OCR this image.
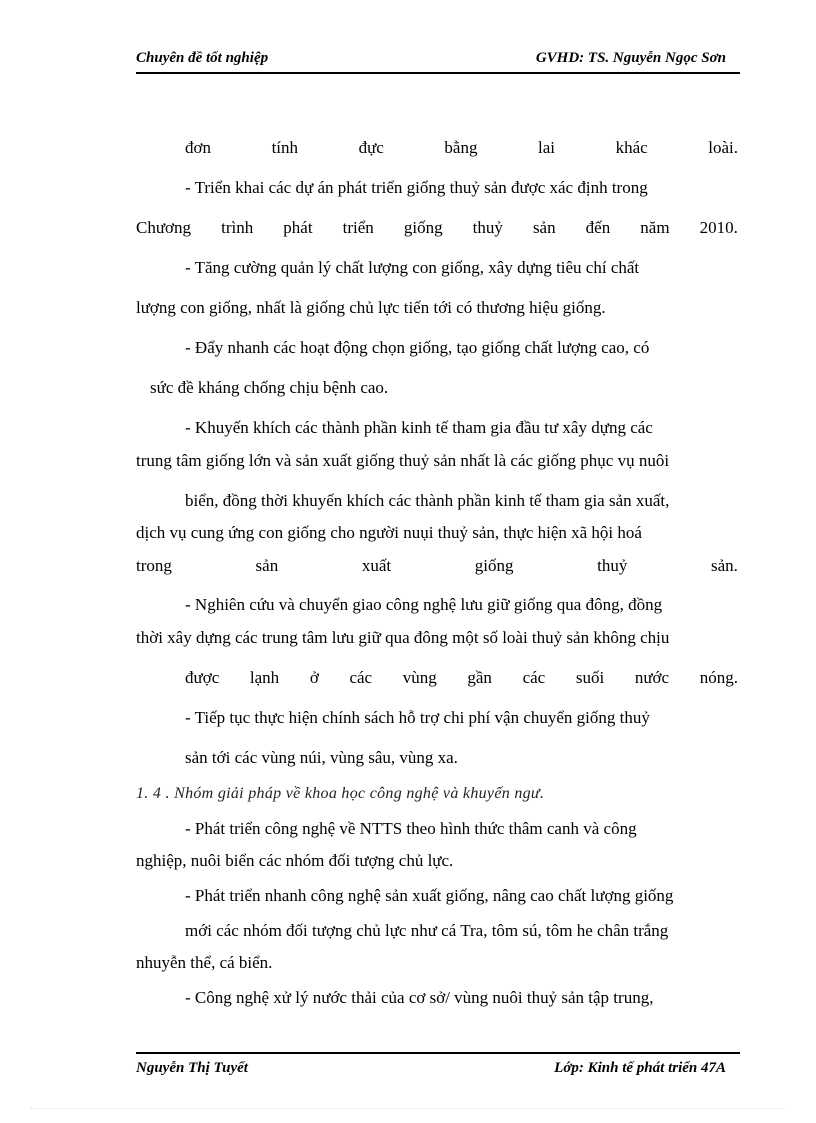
Chuyên đề tốt nghiệp	GVHD: TS. Nguyễn Ngọc Sơn
đơn	tính	đực	bằng	lai	khác	loài.
- Triển khai các dự án phát triển giống thuỷ sản được xác định trong
Chương trình phát triển giống thuỷ sản đến năm 2010.
- Tăng cường quản lý chất lượng con giống, xây dựng tiêu chí chất
lượng con giống, nhất là giống chủ lực tiến tới có thương hiệu giống.
- Đẩy nhanh các hoạt động chọn giống, tạo giống chất lượng cao, có
sức đề kháng chống chịu bệnh cao.
- Khuyến khích các thành phần kinh tế tham gia đầu tư xây dựng các
trung tâm giống lớn và sản xuất giống thuỷ sản nhất là các giống phục vụ nuôi
biển, đồng thời khuyến khích các thành phần kinh tế tham gia sản xuất,
dịch vụ cung ứng con giống cho người nuụi thuỷ sản, thực hiện xã hội hoá
trong	sản	xuất	giống	thuỷ	sản.
- Nghiên cứu và chuyển giao công nghệ lưu giữ giống qua đông, đồng
thời xây dựng các trung tâm lưu giữ qua đông một số loài thuỷ sản không chịu
được lạnh ở các vùng gần các suối nước nóng.
- Tiếp tục thực hiện chính sách hỗ trợ chi phí vận chuyển giống thuỷ
sản tới các vùng núi, vùng sâu, vùng xa.
1. 4 . Nhóm giải pháp về khoa học công nghệ và khuyến ngư.
- Phát triển công nghệ về NTTS theo hình thức thâm canh và công
nghiệp, nuôi biển các nhóm đối tượng chủ lực.
- Phát triển nhanh công nghệ sản xuất giống, nâng cao chất lượng giống
mới các nhóm đối tượng chủ lực như cá Tra, tôm sú, tôm he chân trắng
nhuyễn thể, cá biển.
- Công nghệ xử lý nước thải của cơ sở/ vùng nuôi thuỷ sản tập trung,
Nguyễn Thị Tuyết	Lớp: Kinh tế phát triển 47A
